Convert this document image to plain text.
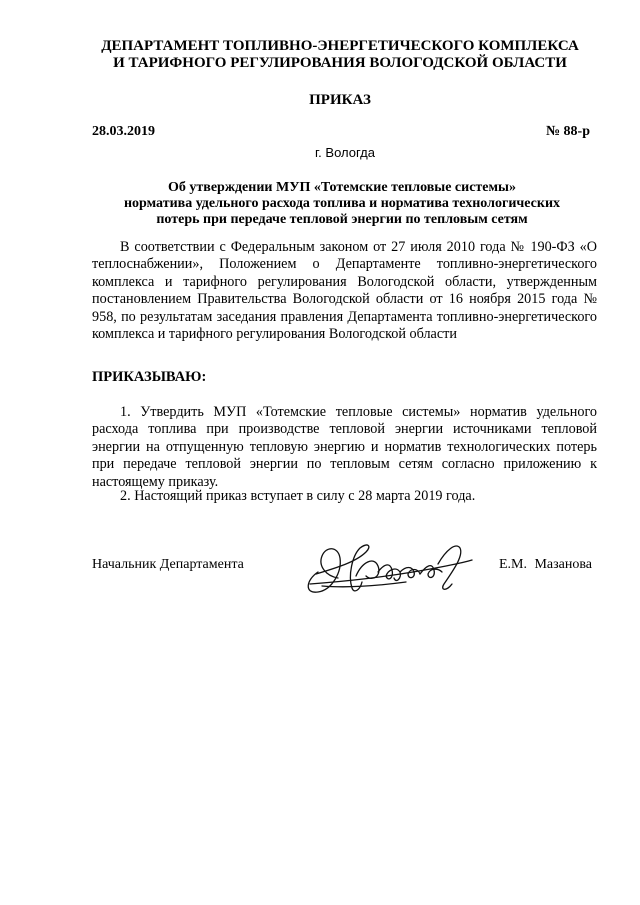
ДЕПАРТАМЕНТ ТОПЛИВНО-ЭНЕРГЕТИЧЕСКОГО КОМПЛЕКСА
И ТАРИФНОГО РЕГУЛИРОВАНИЯ ВОЛОГОДСКОЙ ОБЛАСТИ
ПРИКАЗ
28.03.2019	№ 88-р
г. Вологда
Об утверждении МУП «Тотемские тепловые системы»
норматива удельного расхода топлива и норматива технологических
потерь при передаче тепловой энергии по тепловым сетям

В соответствии с Федеральным законом от 27 июля 2010 года № 190-ФЗ «О теплоснабжении», Положением о Департаменте топливно-энергетического комплекса и тарифного регулирования Вологодской области, утвержденным постановлением Правительства Вологодской области от 16 ноября 2015 года № 958, по результатам заседания правления Департамента топливно-энергетического комплекса и тарифного регулирования Вологодской области

ПРИКАЗЫВАЮ:

1. Утвердить МУП «Тотемские тепловые системы» норматив удельного расхода топлива при производстве тепловой энергии источниками тепловой энергии на отпущенную тепловую энергию и норматив технологических потерь при передаче тепловой энергии по тепловым сетям согласно приложению к настоящему приказу.

2. Настоящий приказ вступает в силу с 28 марта 2019 года.

Начальник Департамента	Е.М. Мазанова
